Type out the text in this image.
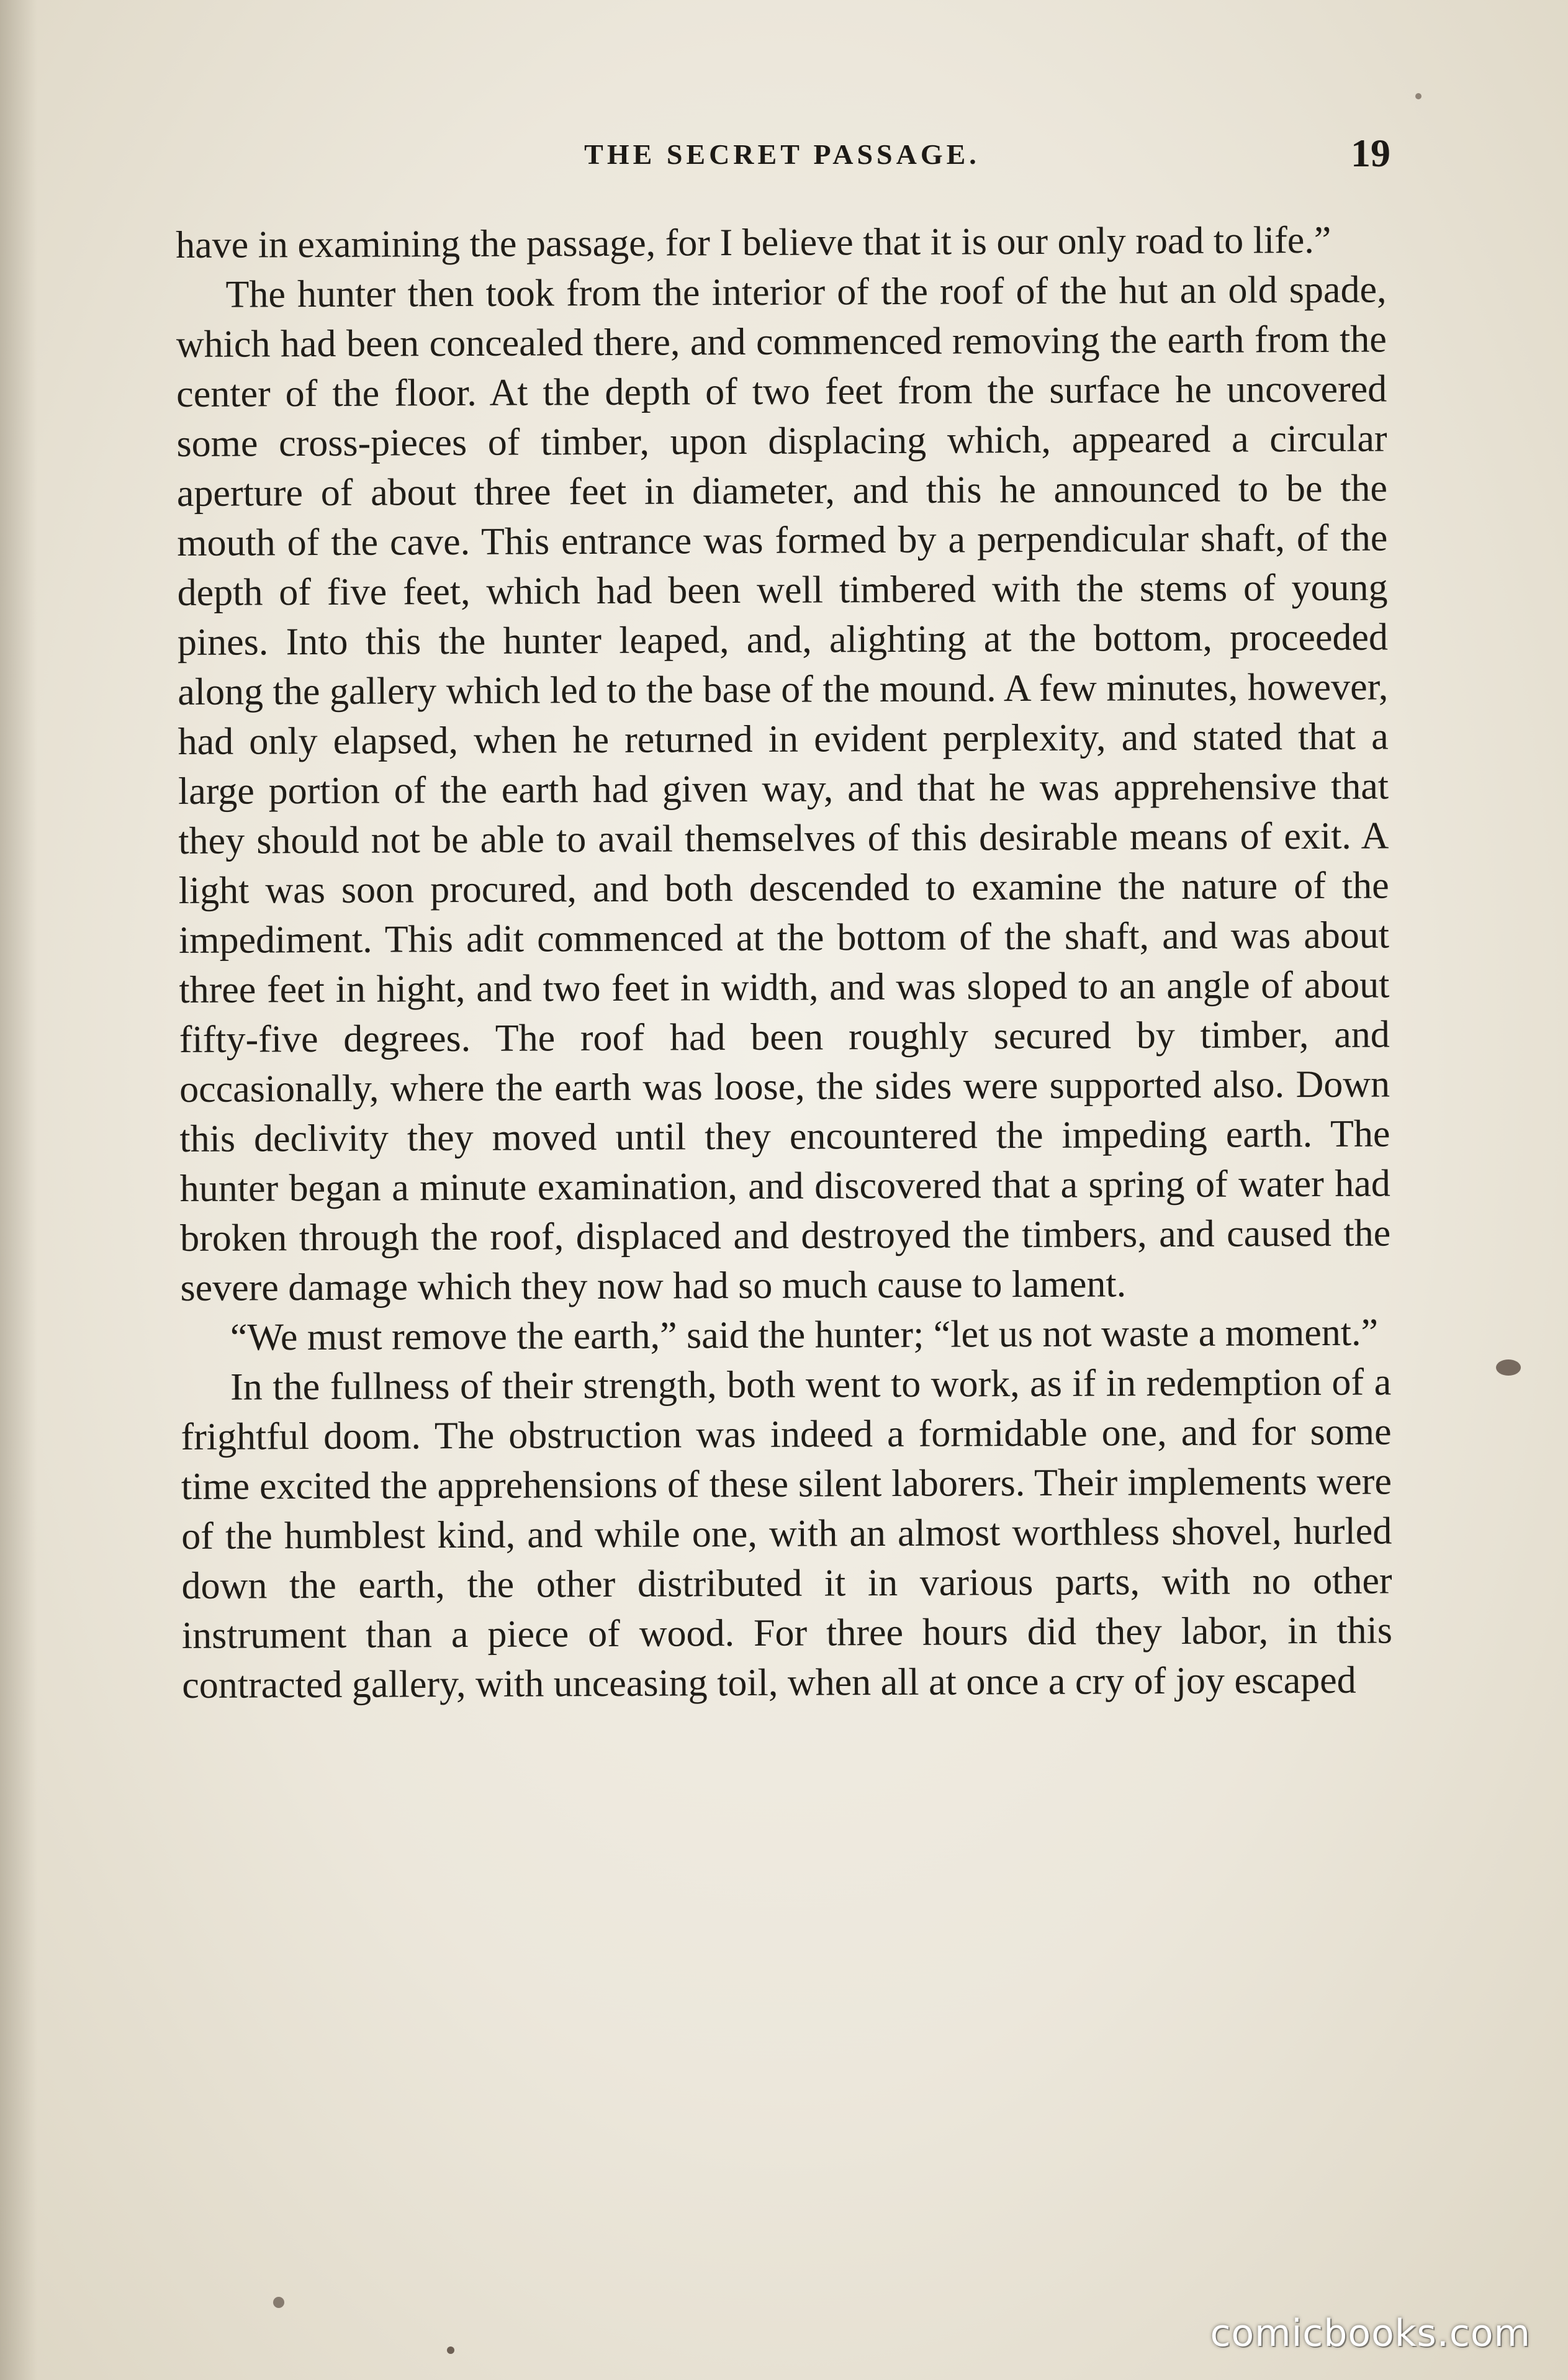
THE SECRET PASSAGE.	19

have in examining the passage, for I believe that it is our only road to life.”

The hunter then took from the interior of the roof of the hut an old spade, which had been concealed there, and commenced removing the earth from the center of the floor. At the depth of two feet from the surface he uncovered some cross-pieces of timber, upon displacing which, appeared a circular aperture of about three feet in diameter, and this he announced to be the mouth of the cave. This entrance was formed by a perpendicular shaft, of the depth of five feet, which had been well timbered with the stems of young pines. Into this the hunter leaped, and, alighting at the bottom, proceeded along the gallery which led to the base of the mound. A few minutes, however, had only elapsed, when he returned in evident perplexity, and stated that a large portion of the earth had given way, and that he was apprehensive that they should not be able to avail themselves of this desirable means of exit. A light was soon procured, and both descended to examine the nature of the impediment. This adit commenced at the bottom of the shaft, and was about three feet in hight, and two feet in width, and was sloped to an angle of about fifty-five degrees. The roof had been roughly secured by timber, and occasionally, where the earth was loose, the sides were supported also. Down this declivity they moved until they encountered the impeding earth. The hunter began a minute examination, and discovered that a spring of water had broken through the roof, displaced and destroyed the timbers, and caused the severe damage which they now had so much cause to lament.

“We must remove the earth,” said the hunter; “let us not waste a moment.”

In the fullness of their strength, both went to work, as if in redemption of a frightful doom. The obstruction was indeed a formidable one, and for some time excited the apprehensions of these silent laborers. Their implements were of the humblest kind, and while one, with an almost worthless shovel, hurled down the earth, the other distributed it in various parts, with no other instrument than a piece of wood. For three hours did they labor, in this contracted gallery, with unceasing toil, when all at once a cry of joy escaped

comicbooks.com
